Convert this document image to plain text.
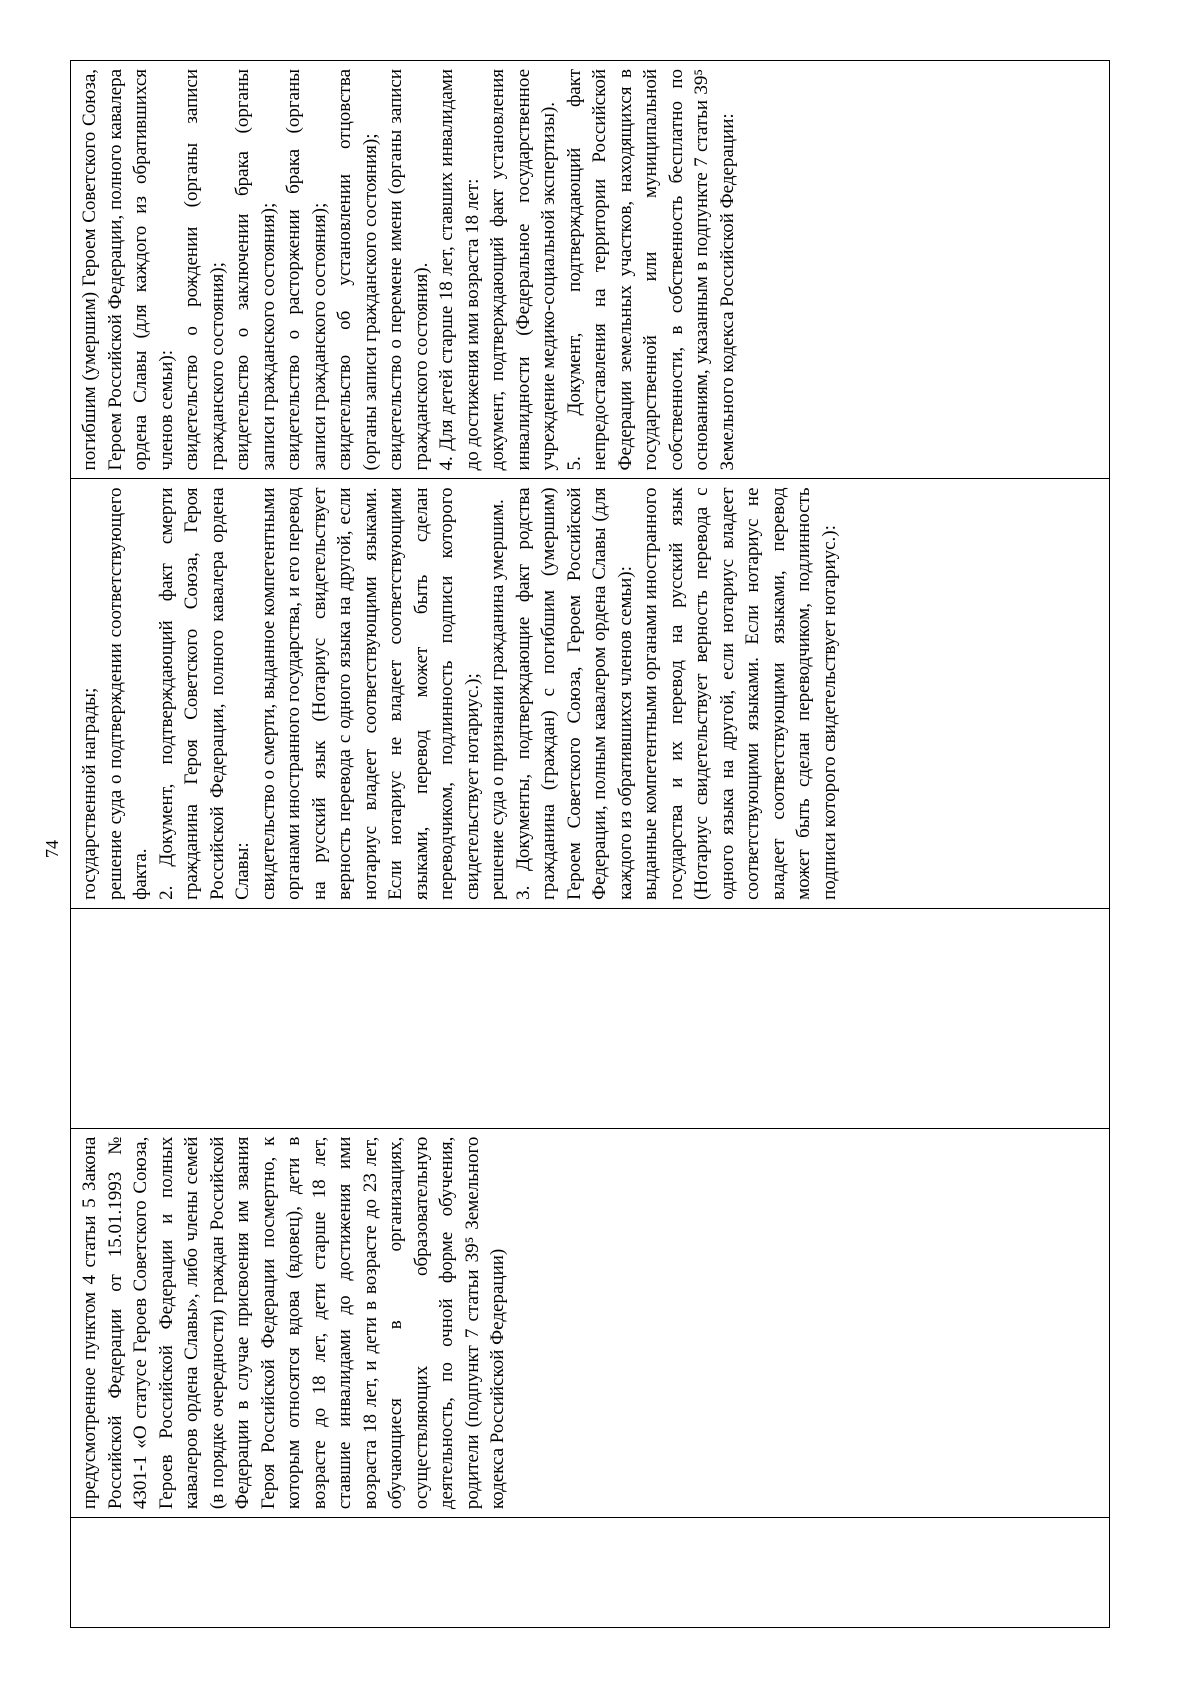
74
предусмотренное пунктом 4 статьи 5 Закона Российской Федерации от 15.01.1993 № 4301-1 «О статусе Героев Советского Союза, Героев Российской Федерации и полных кавалеров ордена Славы», либо члены семей (в порядке очередности) граждан Российской Федерации в случае присвоения им звания Героя Российской Федерации посмертно, к которым относятся вдова (вдовец), дети в возрасте до 18 лет, дети старше 18 лет, ставшие инвалидами до достижения ими возраста 18 лет, и дети в возрасте до 23 лет, обучающиеся в организациях, осуществляющих образовательную деятельность, по очной форме обучения, родители (подпункт 7 статьи 39⁵ Земельного кодекса Российской Федерации)
государственной награды;
решение суда о подтверждении соответствующего факта.
2. Документ, подтверждающий факт смерти гражданина Героя Советского Союза, Героя Российской Федерации, полного кавалера ордена Славы:
свидетельство о смерти, выданное компетентными органами иностранного государства, и его перевод на русский язык (Нотариус свидетельствует верность перевода с одного языка на другой, если нотариус владеет соответствующими языками. Если нотариус не владеет соответствующими языками, перевод может быть сделан переводчиком, подлинность подписи которого свидетельствует нотариус.);
решение суда о признании гражданина умершим.
3. Документы, подтверждающие факт родства гражданина (граждан) с погибшим (умершим) Героем Советского Союза, Героем Российской Федерации, полным кавалером ордена Славы (для каждого из обратившихся членов семьи):
выданные компетентными органами иностранного государства и их перевод на русский язык (Нотариус свидетельствует верность перевода с одного языка на другой, если нотариус владеет соответствующими языками. Если нотариус не владеет соответствующими языками, перевод может быть сделан переводчиком, подлинность подписи которого свидетельствует нотариус.):
погибшим (умершим) Героем Советского Союза, Героем Российской Федерации, полного кавалера ордена Славы (для каждого из обратившихся членов семьи):
свидетельство о рождении (органы записи гражданского состояния);
свидетельство о заключении брака (органы записи гражданского состояния);
свидетельство о расторжении брака (органы записи гражданского состояния);
свидетельство об установлении отцовства (органы записи гражданского состояния);
свидетельство о перемене имени (органы записи гражданского состояния).
4. Для детей старше 18 лет, ставших инвалидами до достижения ими возраста 18 лет:
документ, подтверждающий факт установления инвалидности (Федеральное государственное учреждение медико-социальной экспертизы).
5. Документ, подтверждающий факт непредоставления на территории Российской Федерации земельных участков, находящихся в государственной или муниципальной собственности, в собственность бесплатно по основаниям, указанным в подпункте 7 статьи 39⁵ Земельного кодекса Российской Федерации:
